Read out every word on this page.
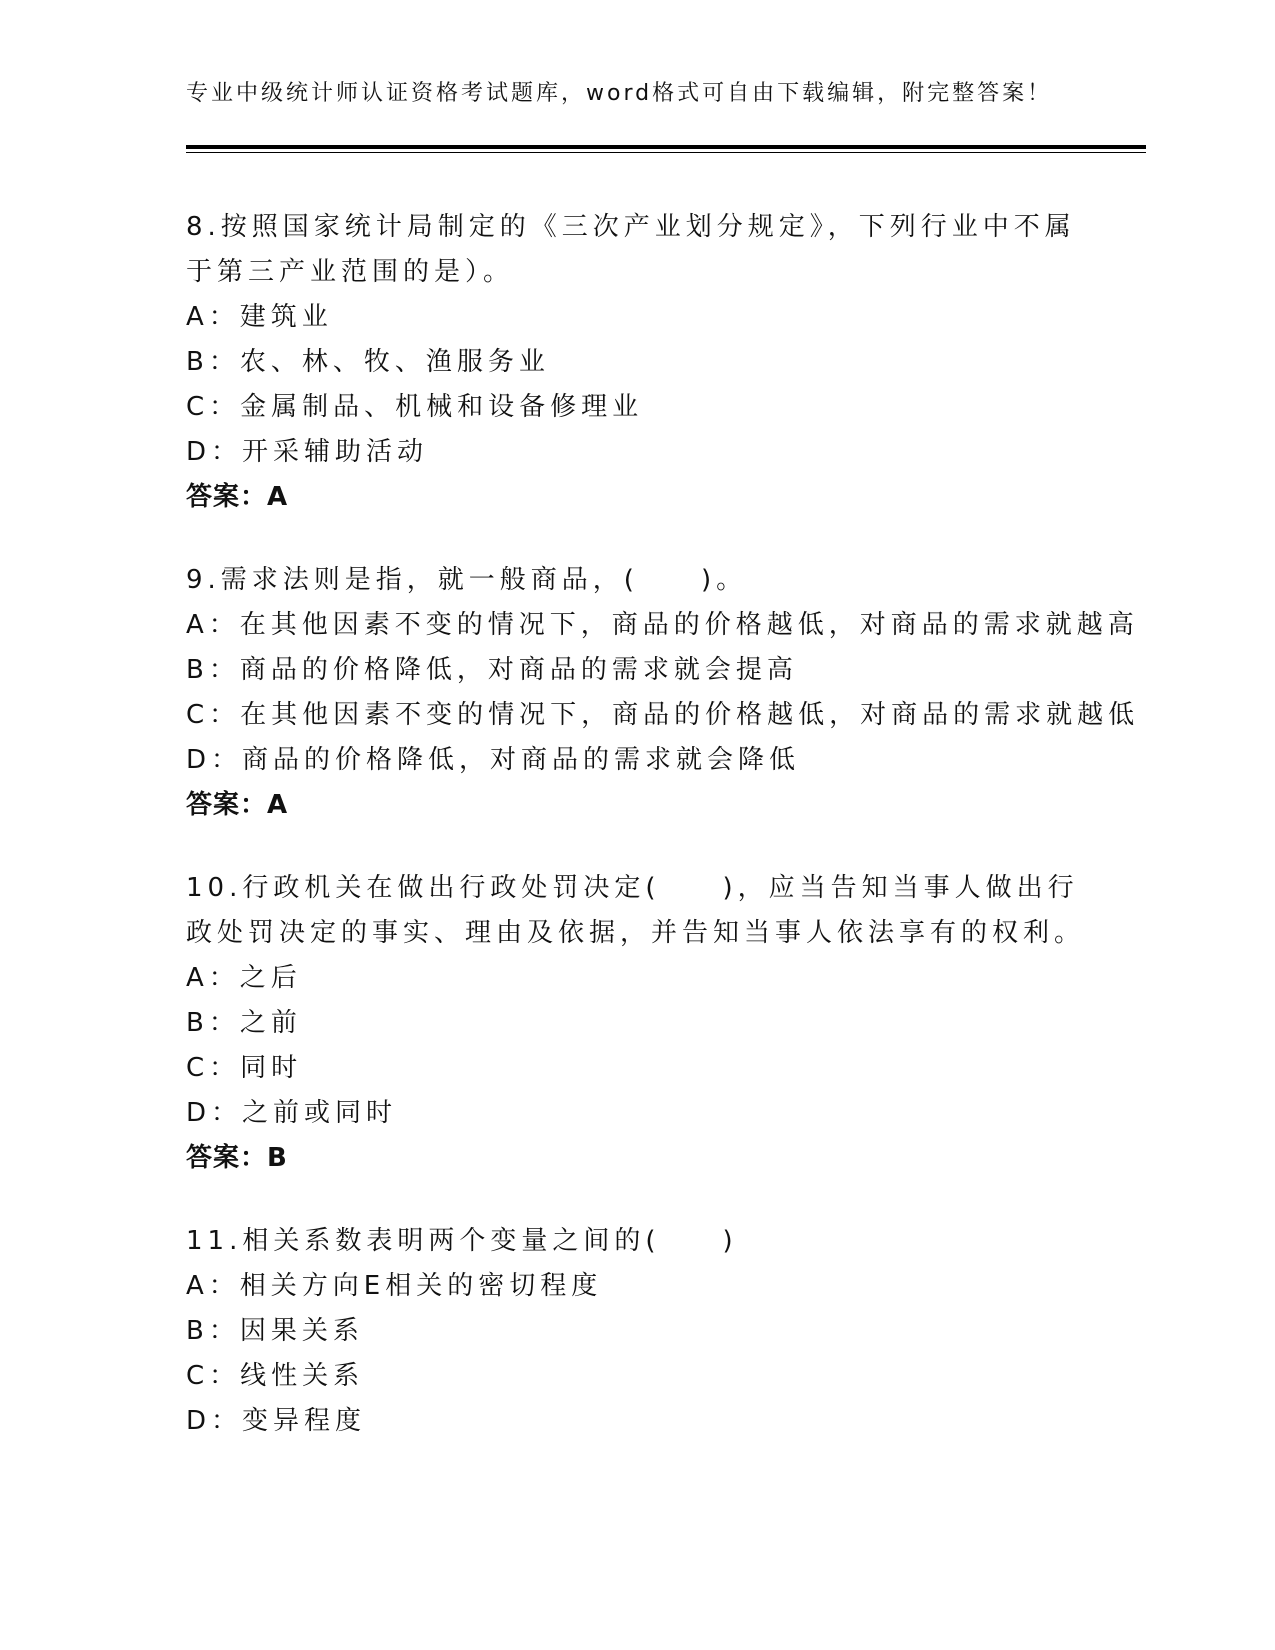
专业中级统计师认证资格考试题库，word格式可自由下载编辑，附完整答案！
8.按照国家统计局制定的《三次产业划分规定》，下列行业中不属于第三产业范围的是）。
A：建筑业
B：农、林、牧、渔服务业
C：金属制品、机械和设备修理业
D：开采辅助活动
答案：A
9.需求法则是指，就一般商品，(　　)。
A：在其他因素不变的情况下，商品的价格越低，对商品的需求就越高
B：商品的价格降低，对商品的需求就会提高
C：在其他因素不变的情况下，商品的价格越低，对商品的需求就越低
D：商品的价格降低，对商品的需求就会降低
答案：A
10.行政机关在做出行政处罚决定(　　)，应当告知当事人做出行政处罚决定的事实、理由及依据，并告知当事人依法享有的权利。
A：之后
B：之前
C：同时
D：之前或同时
答案：B
11.相关系数表明两个变量之间的(　　)
A：相关方向E相关的密切程度
B：因果关系
C：线性关系
D：变异程度
